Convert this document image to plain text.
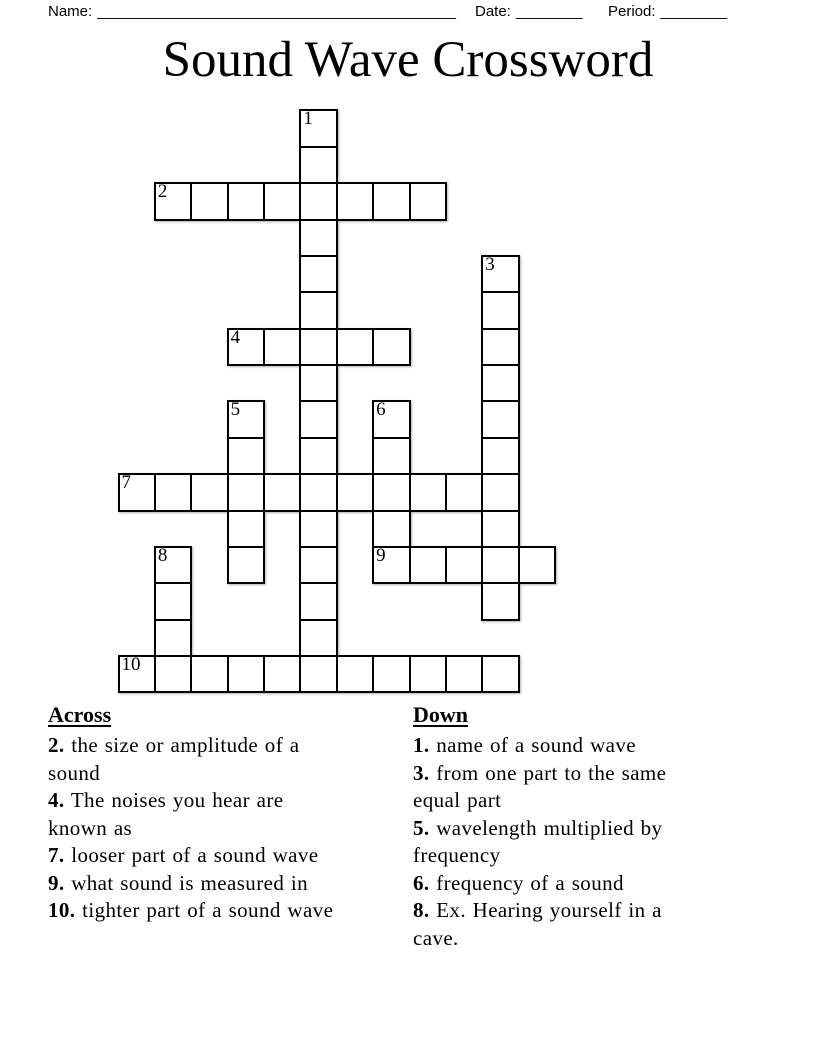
Name: ___________________________________________ Date: ________ Period: ________
Sound Wave Crossword
1
2
3
4
5	6
9
7
8
10
Across

2. the size or amplitude of a sound

4. The noises you hear are known as

7. looser part of a sound wave

9. what sound is measured in

10. tighter part of a sound wave

Down

1. name of a sound wave

3. from one part to the same equal part

5. wavelength multiplied by frequency

6. frequency of a sound

8. Ex. Hearing yourself in a cave.
